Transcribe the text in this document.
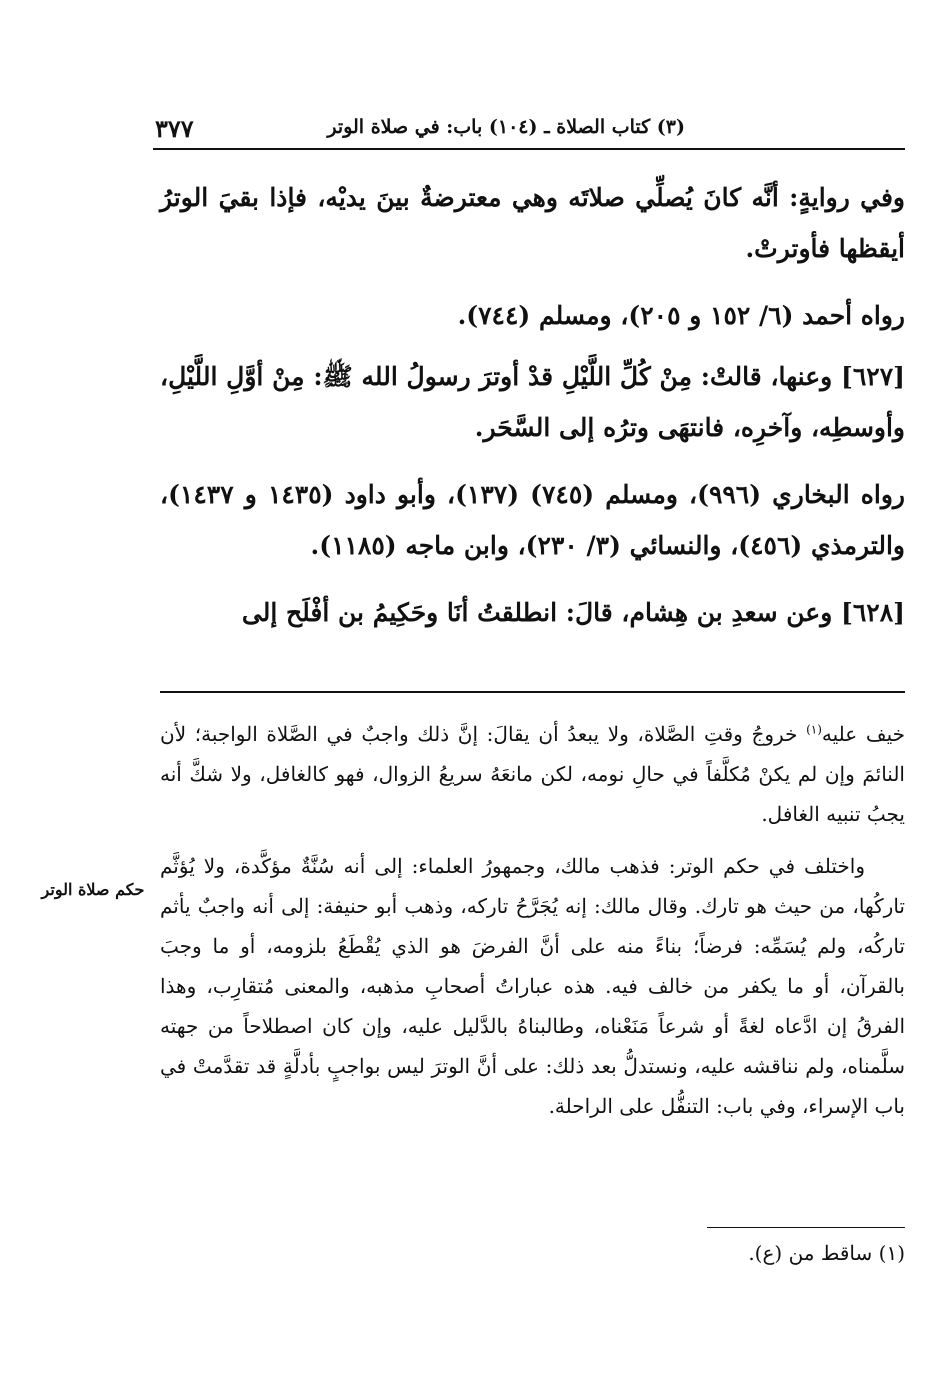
٣٧٧	(٣) كتاب الصلاة ـ (١٠٤) باب: في صلاة الوتر

وفي روايةٍ: أنَّه كانَ يُصلِّي صلاتَه وهي معترضةٌ بينَ يديْه، فإذا بقيَ الوترُ أيقظها فأوترتْ.

رواه أحمد (٦/ ١٥٢ و ٢٠٥)، ومسلم (٧٤٤).

[٦٢٧] وعنها، قالتْ: مِنْ كُلِّ اللَّيْلِ قدْ أوترَ رسولُ الله ﷺ: مِنْ أوَّلِ اللَّيْلِ، وأوسطِه، وآخرِه، فانتهَى وترُه إلى السَّحَر.

رواه البخاري (٩٩٦)، ومسلم (٧٤٥) (١٣٧)، وأبو داود (١٤٣٥ و ١٤٣٧)، والترمذي (٤٥٦)، والنسائي (٣/ ٢٣٠)، وابن ماجه (١١٨٥).

[٦٢٨] وعن سعدِ بن هِشام، قالَ: انطلقتُ أنَا وحَكِيمُ بن أفْلَح إلى

خيف عليه$^{(١)}$ خروجُ وقتِ الصَّلاة، ولا يبعدُ أن يقالَ: إنَّ ذلك واجبٌ في الصَّلاة الواجبة؛ لأن النائمَ وإن لم يكنْ مُكلَّفاً في حالِ نومه، لكن مانعَهُ سريعُ الزوال، فهو كالغافل، ولا شكَّ أنه يجبُ تنبيه الغافل.

واختلف في حكم الوتر: فذهب مالك، وجمهورُ العلماء: إلى أنه سُنَّةٌ مؤكَّدة، ولا يُؤثَّم تاركُها، من حيث هو تارك. وقال مالك: إنه يُجَرَّحُ تاركه، وذهب أبو حنيفة: إلى أنه واجبٌ يأثم تاركُه، ولم يُسَمِّه: فرضاً؛ بناءً منه على أنَّ الفرضَ هو الذي يُقْطَعُ بلزومه، أو ما وجبَ بالقرآن، أو ما يكفر من خالف فيه. هذه عباراتُ أصحابِ مذهبه، والمعنى مُتقارِب، وهذا الفرقُ إن ادَّعاه لغةً أو شرعاً مَنَعْناه، وطالبناهُ بالدَّليل عليه، وإن كان اصطلاحاً من جهته سلَّمناه، ولم نناقشه عليه، ونستدلُّ بعد ذلك: على أنَّ الوترَ ليس بواجبٍ بأدلَّةٍ قد تقدَّمتْ في باب الإسراء، وفي باب: التنفُّل على الراحلة.

حكم صلاة الوتر
(١) ساقط من (ع).
